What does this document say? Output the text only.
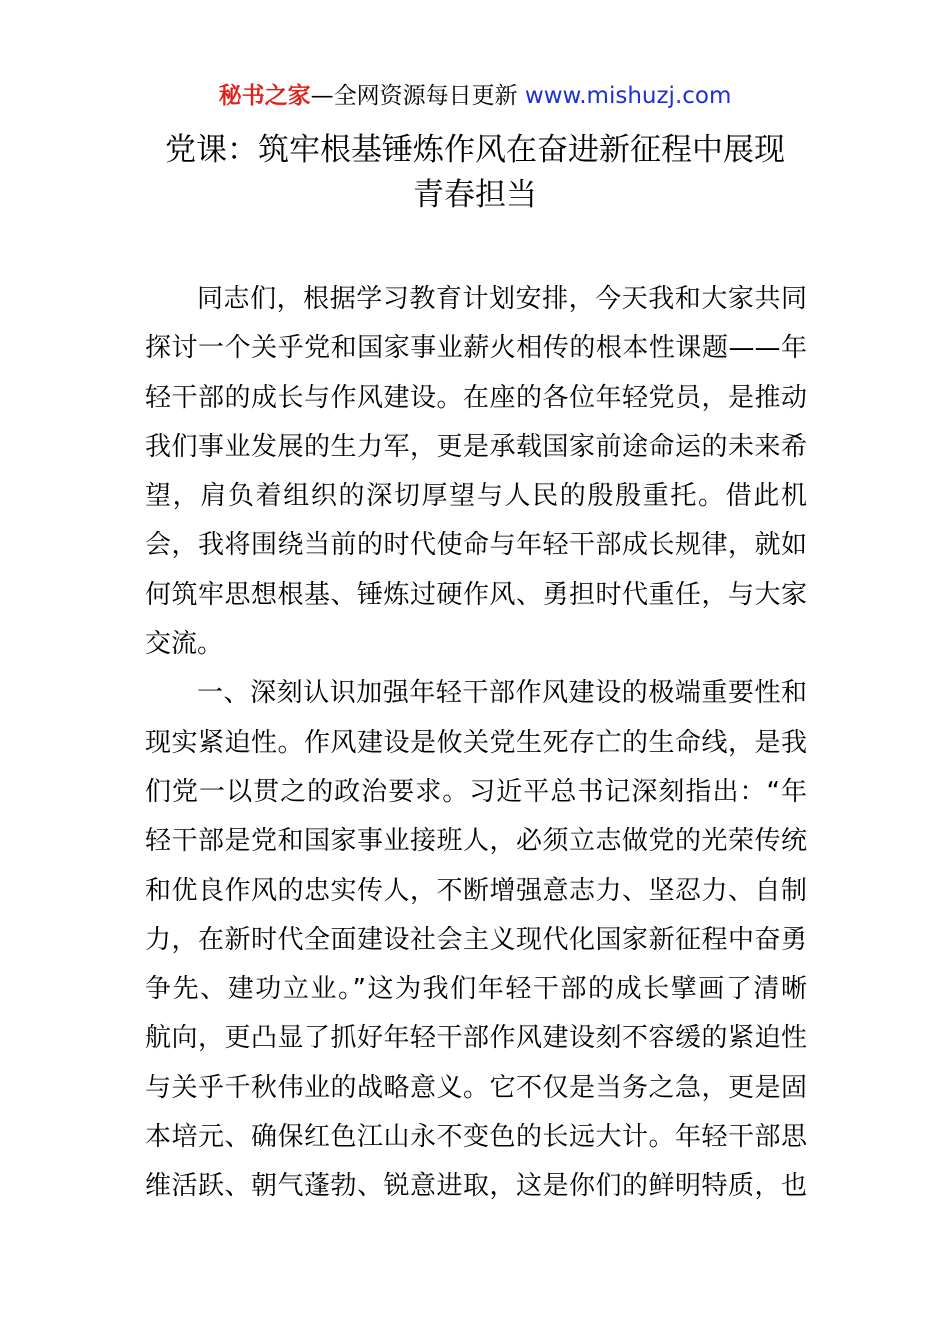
秘书之家—全网资源每日更新 www.mishuzj.com
党课：筑牢根基锤炼作风在奋进新征程中展现
青春担当
同志们，根据学习教育计划安排，今天我和大家共同
探讨一个关乎党和国家事业薪火相传的根本性课题——年
轻干部的成长与作风建设。在座的各位年轻党员，是推动
我们事业发展的生力军，更是承载国家前途命运的未来希
望，肩负着组织的深切厚望与人民的殷殷重托。借此机
会，我将围绕当前的时代使命与年轻干部成长规律，就如
何筑牢思想根基、锤炼过硬作风、勇担时代重任，与大家
交流。
一、深刻认识加强年轻干部作风建设的极端重要性和
现实紧迫性。作风建设是攸关党生死存亡的生命线，是我
们党一以贯之的政治要求。习近平总书记深刻指出：“年
轻干部是党和国家事业接班人，必须立志做党的光荣传统
和优良作风的忠实传人，不断增强意志力、坚忍力、自制
力，在新时代全面建设社会主义现代化国家新征程中奋勇
争先、建功立业。”这为我们年轻干部的成长擘画了清晰
航向，更凸显了抓好年轻干部作风建设刻不容缓的紧迫性
与关乎千秋伟业的战略意义。它不仅是当务之急，更是固
本培元、确保红色江山永不变色的长远大计。年轻干部思
维活跃、朝气蓬勃、锐意进取，这是你们的鲜明特质，也
